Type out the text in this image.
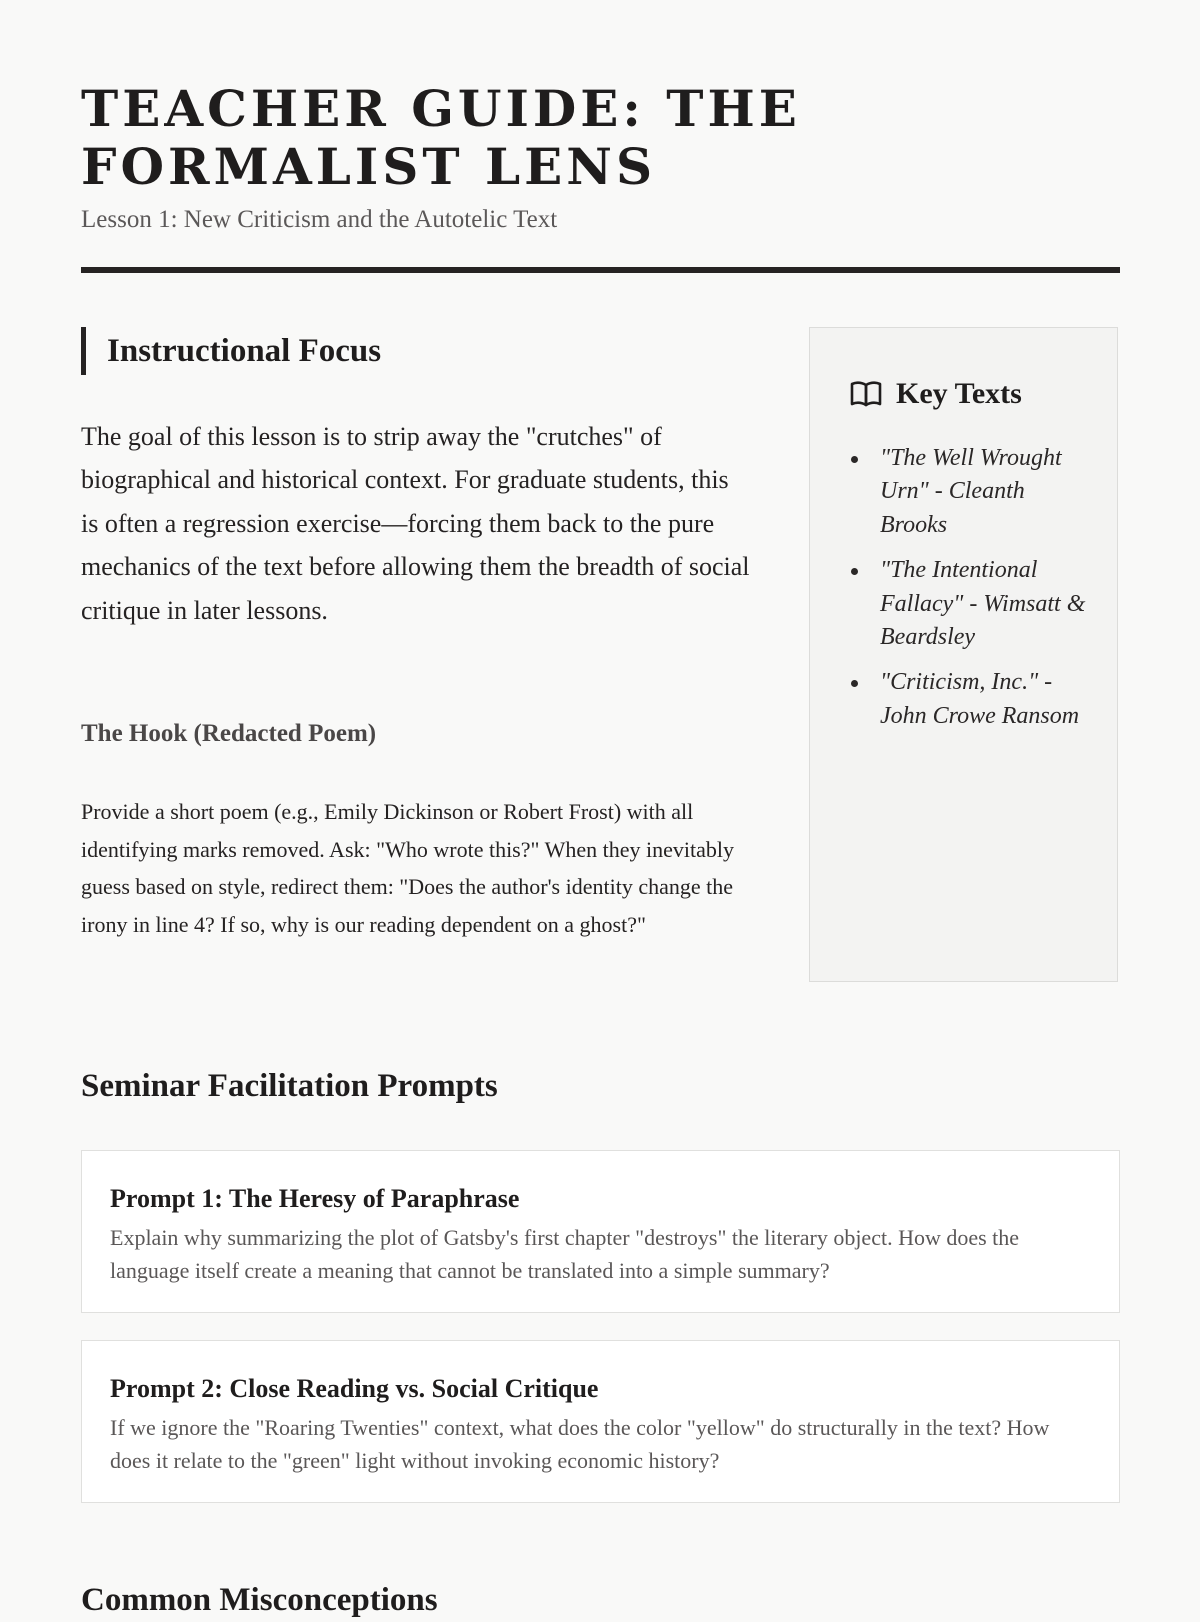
TEACHER GUIDE: THE FORMALIST LENS

Lesson 1: New Criticism and the Autotelic Text

Instructional Focus

The goal of this lesson is to strip away the "crutches" of biographical and historical context. For graduate students, this is often a regression exercise—forcing them back to the pure mechanics of the text before allowing them the breadth of social critique in later lessons.

The Hook (Redacted Poem)

Provide a short poem (e.g., Emily Dickinson or Robert Frost) with all identifying marks removed. Ask: "Who wrote this?" When they inevitably guess based on style, redirect them: "Does the author's identity change the irony in line 4? If so, why is our reading dependent on a ghost?"

Key Texts
"The Well Wrought Urn" - Cleanth Brooks
"The Intentional Fallacy" - Wimsatt & Beardsley
"Criticism, Inc." - John Crowe Ransom
Seminar Facilitation Prompts
Prompt 1: The Heresy of Paraphrase

Explain why summarizing the plot of Gatsby's first chapter "destroys" the literary object. How does the language itself create a meaning that cannot be translated into a simple summary?

Prompt 2: Close Reading vs. Social Critique

If we ignore the "Roaring Twenties" context, what does the color "yellow" do structurally in the text? How does it relate to the "green" light without invoking economic history?

Common Misconceptions
